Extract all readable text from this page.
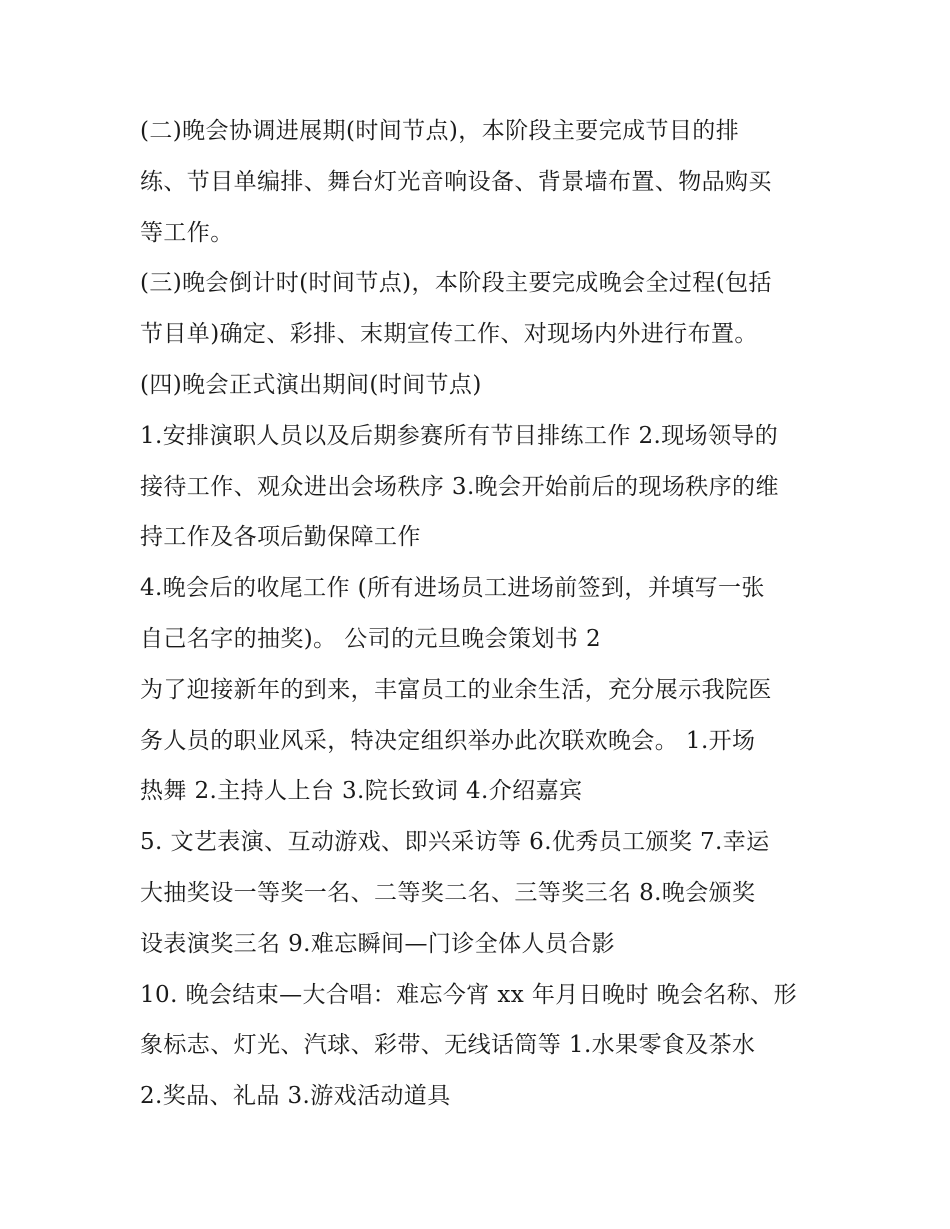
(二)晚会协调进展期(时间节点)，本阶段主要完成节目的排
练、节目单编排、舞台灯光音响设备、背景墙布置、物品购买
等工作。
(三)晚会倒计时(时间节点)，本阶段主要完成晚会全过程(包括
节目单)确定、彩排、末期宣传工作、对现场内外进行布置。
(四)晚会正式演出期间(时间节点)
1.安排演职人员以及后期参赛所有节目排练工作 2.现场领导的
接待工作、观众进出会场秩序 3.晚会开始前后的现场秩序的维
持工作及各项后勤保障工作
4.晚会后的收尾工作 (所有进场员工进场前签到，并填写一张
自己名字的抽奖)。 公司的元旦晚会策划书 2
为了迎接新年的到来，丰富员工的业余生活，充分展示我院医
务人员的职业风采，特决定组织举办此次联欢晚会。 1.开场
热舞 2.主持人上台 3.院长致词 4.介绍嘉宾
5. 文艺表演、互动游戏、即兴采访等 6.优秀员工颁奖 7.幸运
大抽奖设一等奖一名、二等奖二名、三等奖三名 8.晚会颁奖
设表演奖三名 9.难忘瞬间—门诊全体人员合影
10. 晚会结束—大合唱：难忘今宵 xx 年月日晚时 晚会名称、形
象标志、灯光、汽球、彩带、无线话筒等 1.水果零食及茶水
2.奖品、礼品 3.游戏活动道具
